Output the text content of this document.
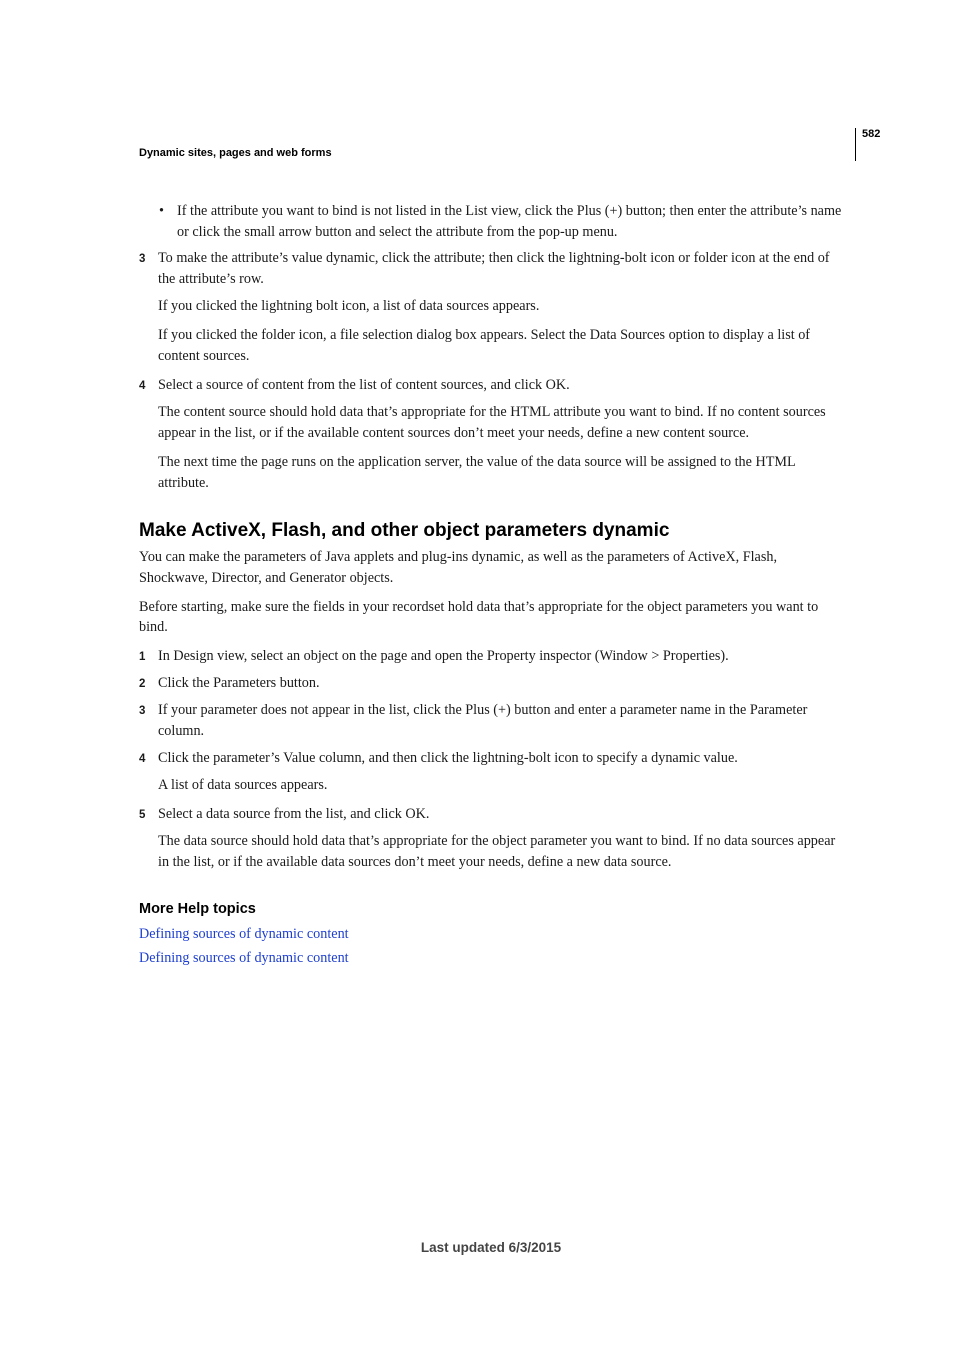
582
Dynamic sites, pages and web forms
• If the attribute you want to bind is not listed in the List view, click the Plus (+) button; then enter the attribute’s name or click the small arrow button and select the attribute from the pop-up menu.
3 To make the attribute’s value dynamic, click the attribute; then click the lightning-bolt icon or folder icon at the end of the attribute’s row.
If you clicked the lightning bolt icon, a list of data sources appears.
If you clicked the folder icon, a file selection dialog box appears. Select the Data Sources option to display a list of content sources.
4 Select a source of content from the list of content sources, and click OK.
The content source should hold data that’s appropriate for the HTML attribute you want to bind. If no content sources appear in the list, or if the available content sources don’t meet your needs, define a new content source.
The next time the page runs on the application server, the value of the data source will be assigned to the HTML attribute.
Make ActiveX, Flash, and other object parameters dynamic
You can make the parameters of Java applets and plug-ins dynamic, as well as the parameters of ActiveX, Flash, Shockwave, Director, and Generator objects.
Before starting, make sure the fields in your recordset hold data that’s appropriate for the object parameters you want to bind.
1 In Design view, select an object on the page and open the Property inspector (Window > Properties).
2 Click the Parameters button.
3 If your parameter does not appear in the list, click the Plus (+) button and enter a parameter name in the Parameter column.
4 Click the parameter’s Value column, and then click the lightning-bolt icon to specify a dynamic value.
A list of data sources appears.
5 Select a data source from the list, and click OK.
The data source should hold data that’s appropriate for the object parameter you want to bind. If no data sources appear in the list, or if the available data sources don’t meet your needs, define a new data source.
More Help topics
Defining sources of dynamic content
Defining sources of dynamic content
Last updated 6/3/2015
